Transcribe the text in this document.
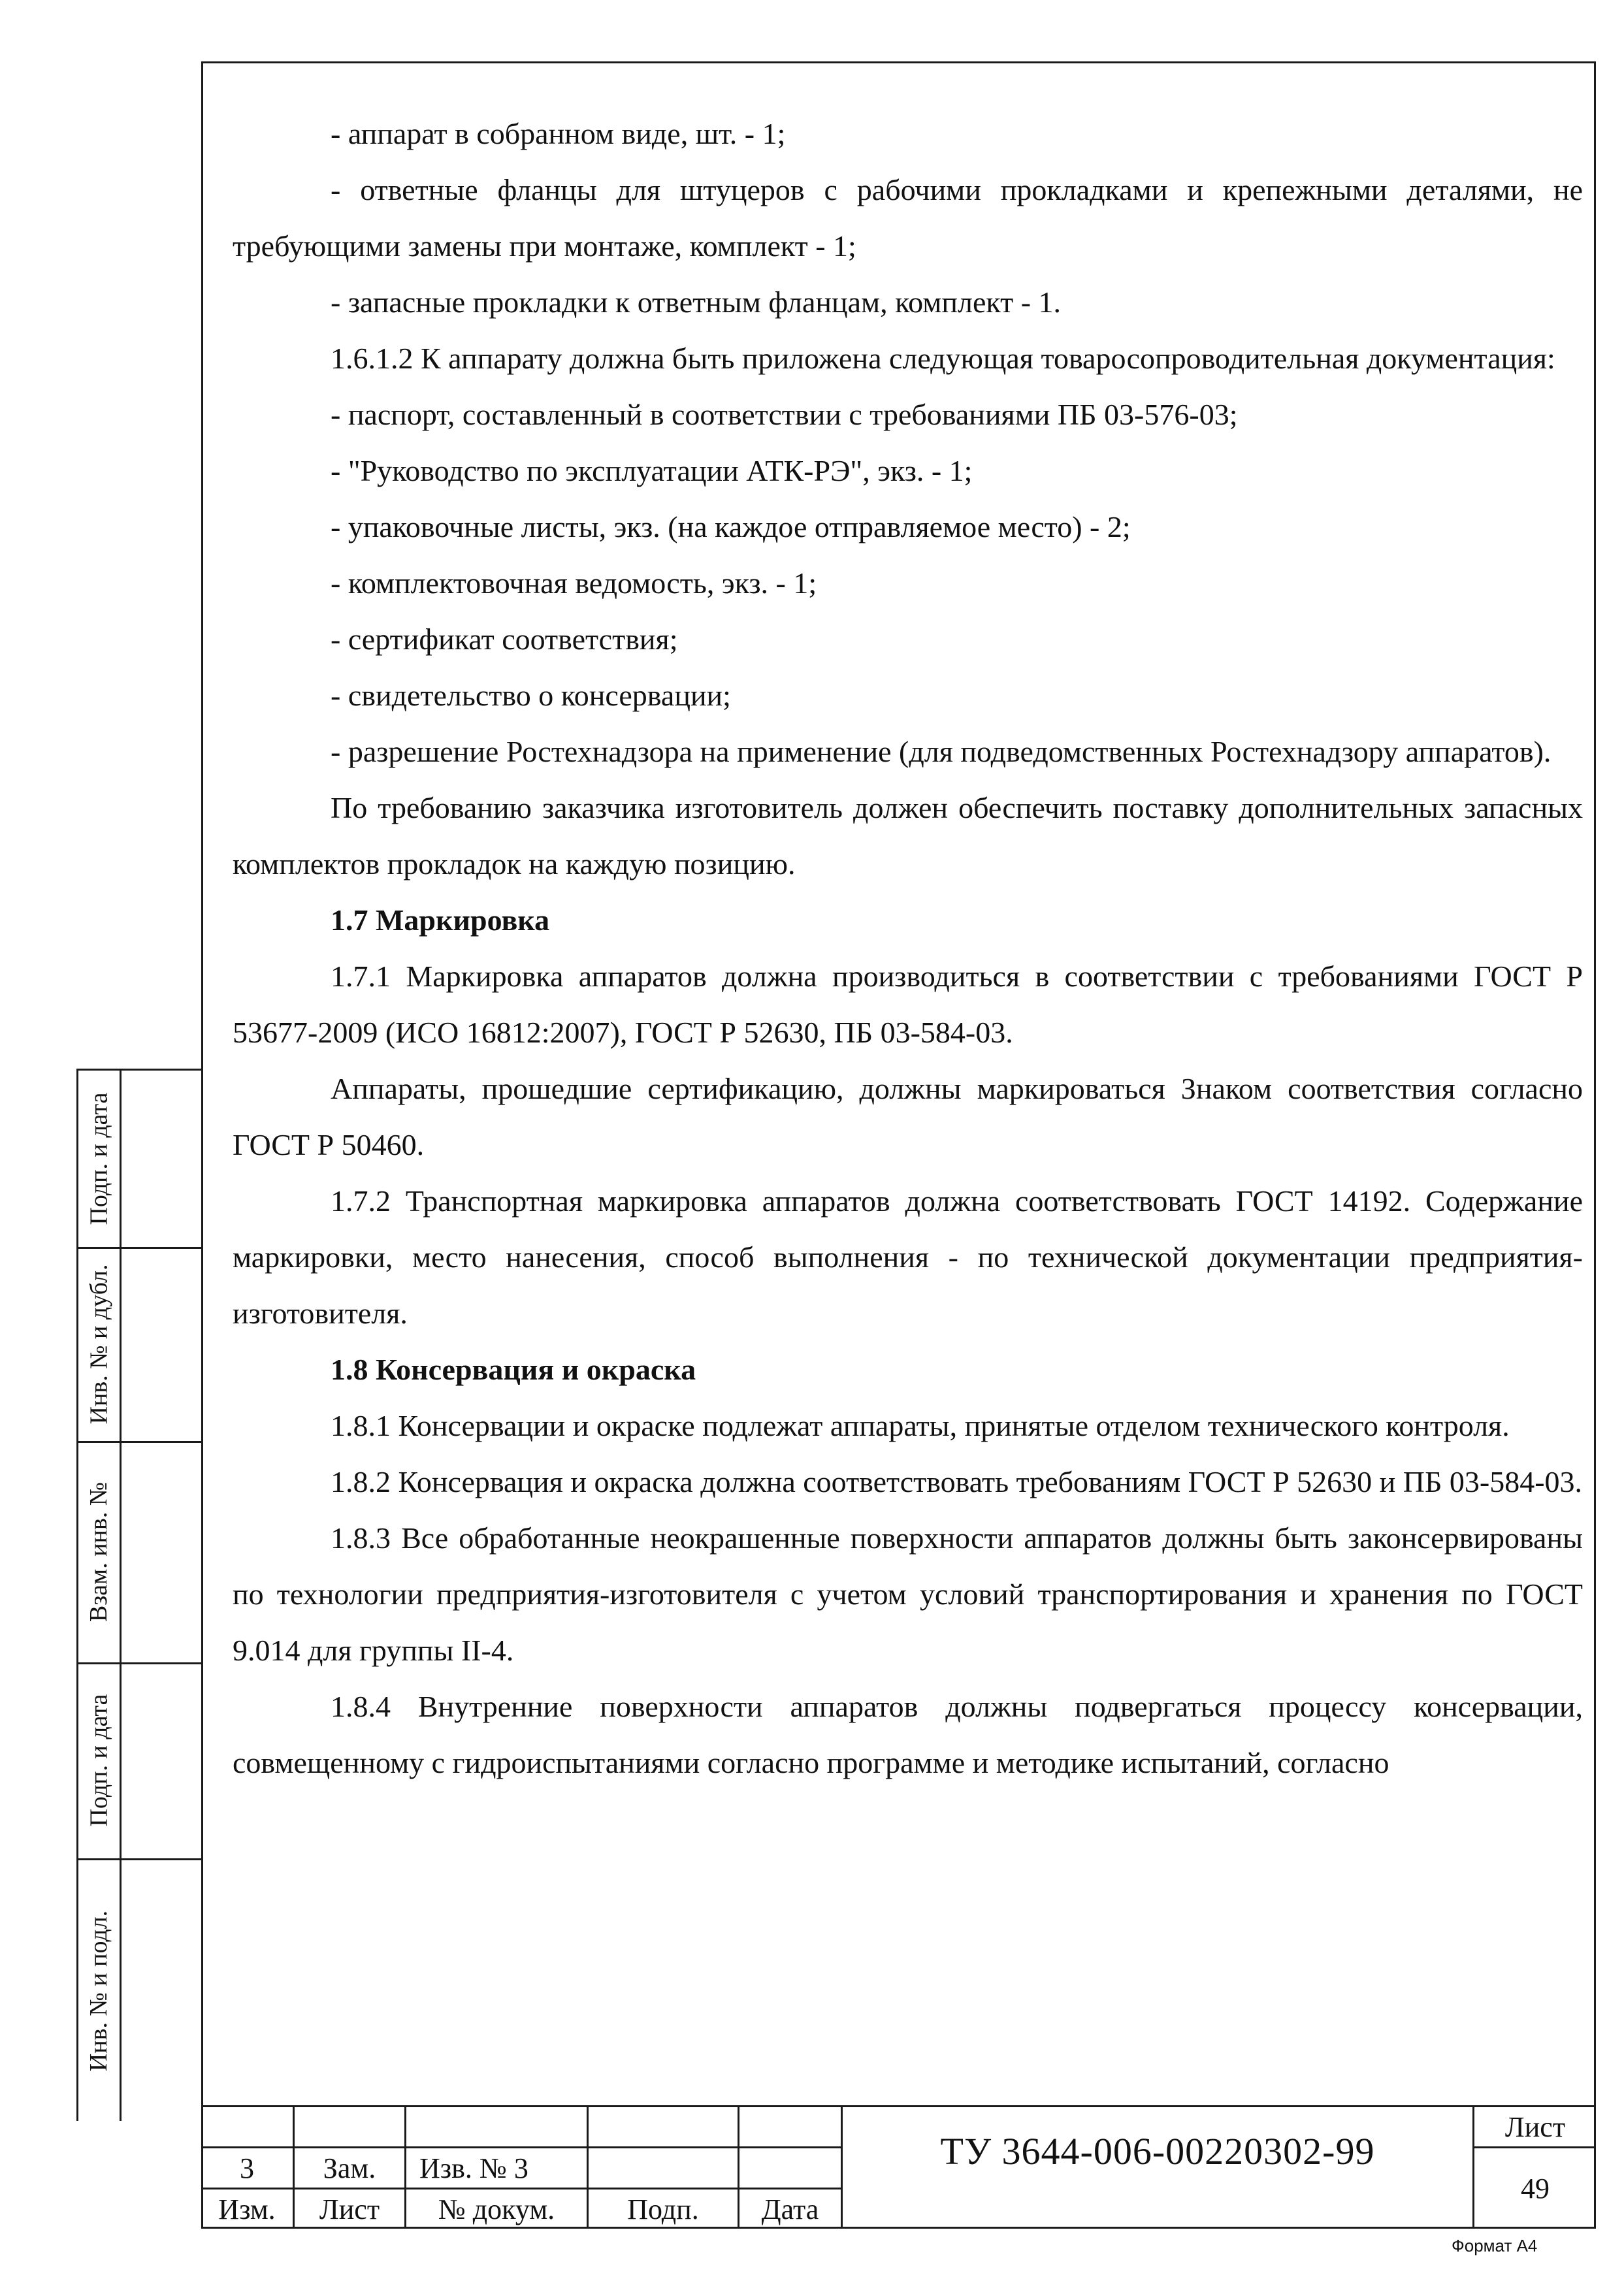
- аппарат в собранном виде, шт. - 1;

- ответные фланцы для штуцеров с рабочими прокладками и крепежными деталями, не требующими замены при монтаже, комплект - 1;

- запасные прокладки к ответным фланцам, комплект - 1.

1.6.1.2 К аппарату должна быть приложена следующая товаросопроводительная документация:

- паспорт, составленный в соответствии с требованиями ПБ 03-576-03;

- "Руководство по эксплуатации АТК-РЭ", экз. - 1;

- упаковочные листы, экз. (на каждое отправляемое место) - 2;

- комплектовочная ведомость, экз. - 1;

- сертификат соответствия;

- свидетельство о консервации;

- разрешение Ростехнадзора на применение (для подведомственных Ростехнадзору аппаратов).

По требованию заказчика изготовитель должен обеспечить поставку дополнительных запасных комплектов прокладок на каждую позицию.

1.7 Маркировка

1.7.1 Маркировка аппаратов должна производиться в соответствии с требованиями ГОСТ Р 53677-2009 (ИСО 16812:2007), ГОСТ Р 52630, ПБ 03-584-03.

Аппараты, прошедшие сертификацию, должны маркироваться Знаком соответствия согласно ГОСТ Р 50460.

1.7.2 Транспортная маркировка аппаратов должна соответствовать ГОСТ 14192. Содержание маркировки, место нанесения, способ выполнения - по технической документации предприятия-изготовителя.

1.8 Консервация и окраска

1.8.1 Консервации и окраске подлежат аппараты, принятые отделом технического контроля.

1.8.2 Консервация и окраска должна соответствовать требованиям ГОСТ Р 52630 и ПБ 03-584-03.

1.8.3 Все обработанные неокрашенные поверхности аппаратов должны быть законсервированы по технологии предприятия-изготовителя с учетом условий транспортирования и хранения по ГОСТ 9.014 для группы II-4.

1.8.4 Внутренние поверхности аппаратов должны подвергаться процессу консервации, совмещенному с гидроиспытаниями согласно программе и методике испытаний, согласно

Подп. и дата
Инв. № и дубл.
Взам. инв. №
Подп. и дата
Инв. № и подл.
3	Зам.	Изв. № 3
Изм.	Лист	№ докум.	Подп.	Дата
ТУ 3644-006-00220302-99
Лист
49
Формат А4
